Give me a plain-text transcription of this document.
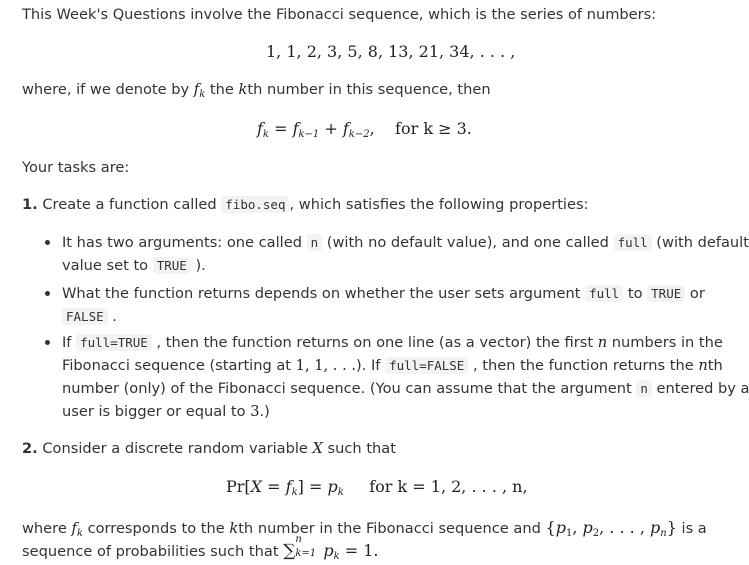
This Week's Questions involve the Fibonacci sequence, which is the series of numbers:
1, 1, 2, 3, 5, 8, 13, 21, 34, . . . ,
where, if we denote by $f_k$ the kth number in this sequence, then
$f_k = f_{k-1} + f_{k-2}$,    for k ≥ 3.
Your tasks are:
1. Create a function called fibo.seq , which satisfies the following properties:
It has two arguments: one called n (with no default value), and one called full (with default
value set to TRUE ).
What the function returns depends on whether the user sets argument full to TRUE or
FALSE .
If full=TRUE , then the function returns on one line (as a vector) the first n numbers in the
Fibonacci sequence (starting at 1, 1, . . .). If full=FALSE , then the function returns the nth
number (only) of the Fibonacci sequence. (You can assume that the argument n entered by a
user is bigger or equal to 3.)
2. Consider a discrete random variable X such that
$Pr[X = f_k] = p_k$ for k = 1, 2, . . . , n,
where $f_k$ corresponds to the kth number in the Fibonacci sequence and {$p_1$, $p_2$, . . . , $p_n$} is a
sequence of probabilities such that ∑
n
k=1 $p_k = 1$.
